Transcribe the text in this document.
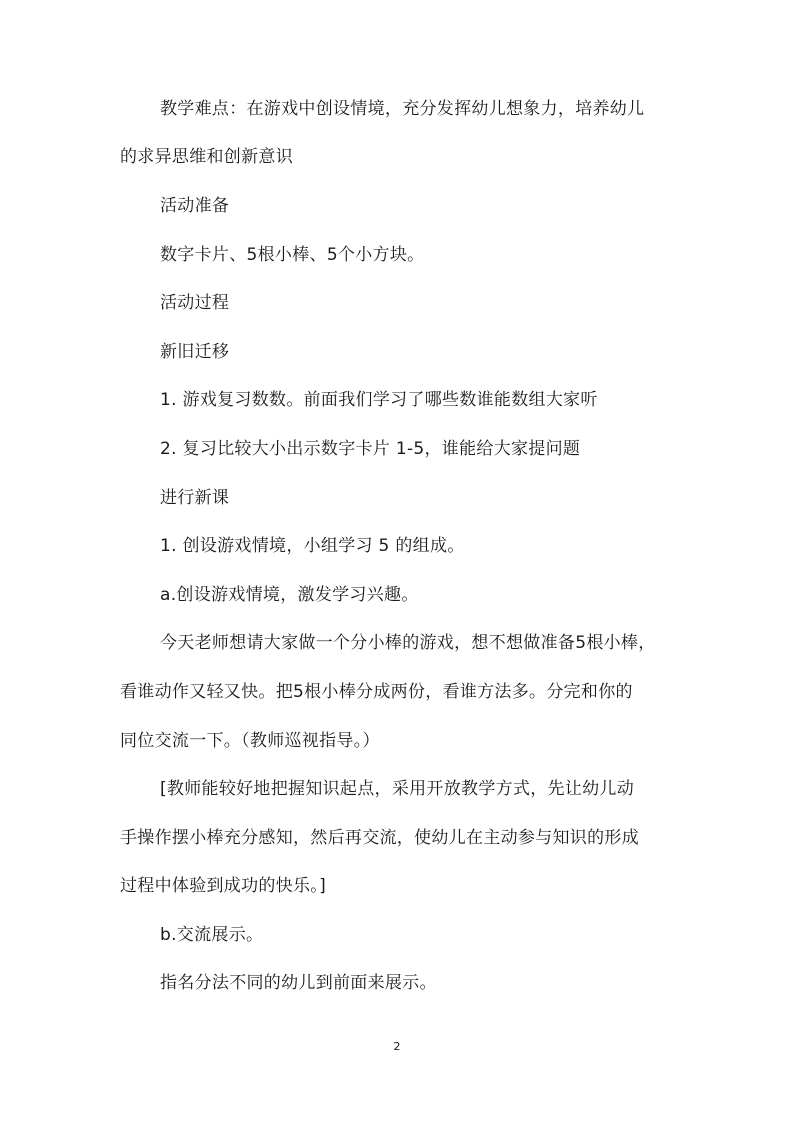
教学难点：在游戏中创设情境，充分发挥幼儿想象力，培养幼儿
的求异思维和创新意识
活动准备
数字卡片、5根小棒、5个小方块。
活动过程
新旧迁移
1. 游戏复习数数。前面我们学习了哪些数谁能数组大家听
2. 复习比较大小出示数字卡片 1-5，谁能给大家提问题
进行新课
1. 创设游戏情境，小组学习 5 的组成。
a.创设游戏情境，激发学习兴趣。
今天老师想请大家做一个分小棒的游戏，想不想做准备5根小棒，
看谁动作又轻又快。把5根小棒分成两份，看谁方法多。分完和你的
同位交流一下。（教师巡视指导。）
[教师能较好地把握知识起点，采用开放教学方式，先让幼儿动
手操作摆小棒充分感知，然后再交流，使幼儿在主动参与知识的形成
过程中体验到成功的快乐。]
b.交流展示。
指名分法不同的幼儿到前面来展示。
2
